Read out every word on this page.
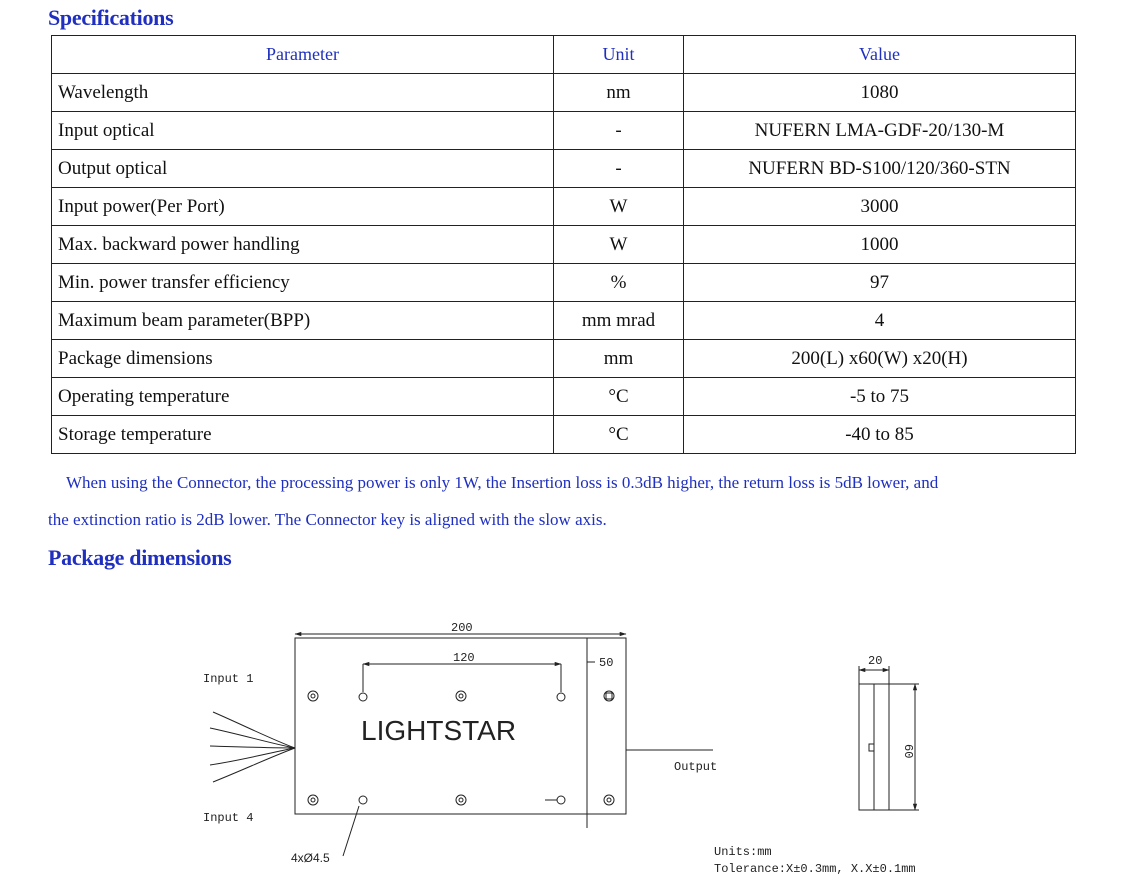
Specifications
Parameter	Unit	Value
Wavelength	nm	1080
Input optical	-	NUFERN LMA-GDF-20/130-M
Output optical	-	NUFERN BD-S100/120/360-STN
Input power(Per Port)	W	3000
Max. backward power handling	W	1000
Min. power transfer efficiency	%	97
Maximum beam parameter(BPP)	mm mrad	4
Package dimensions	mm	200(L) x60(W) x20(H)
Operating temperature	°C	-5 to 75
Storage temperature	°C	-40 to 85
When using the Connector, the processing power is only 1W, the Insertion loss is 0.3dB higher, the return loss is 5dB lower, and
the extinction ratio is 2dB lower. The Connector key is aligned with the slow axis.
Package dimensions
200
120	50
LIGHTSTAR
Input 1
Input 4
Output
4xØ4.5
20
60
Units:mm
Tolerance:X±0.3mm, X.X±0.1mm
